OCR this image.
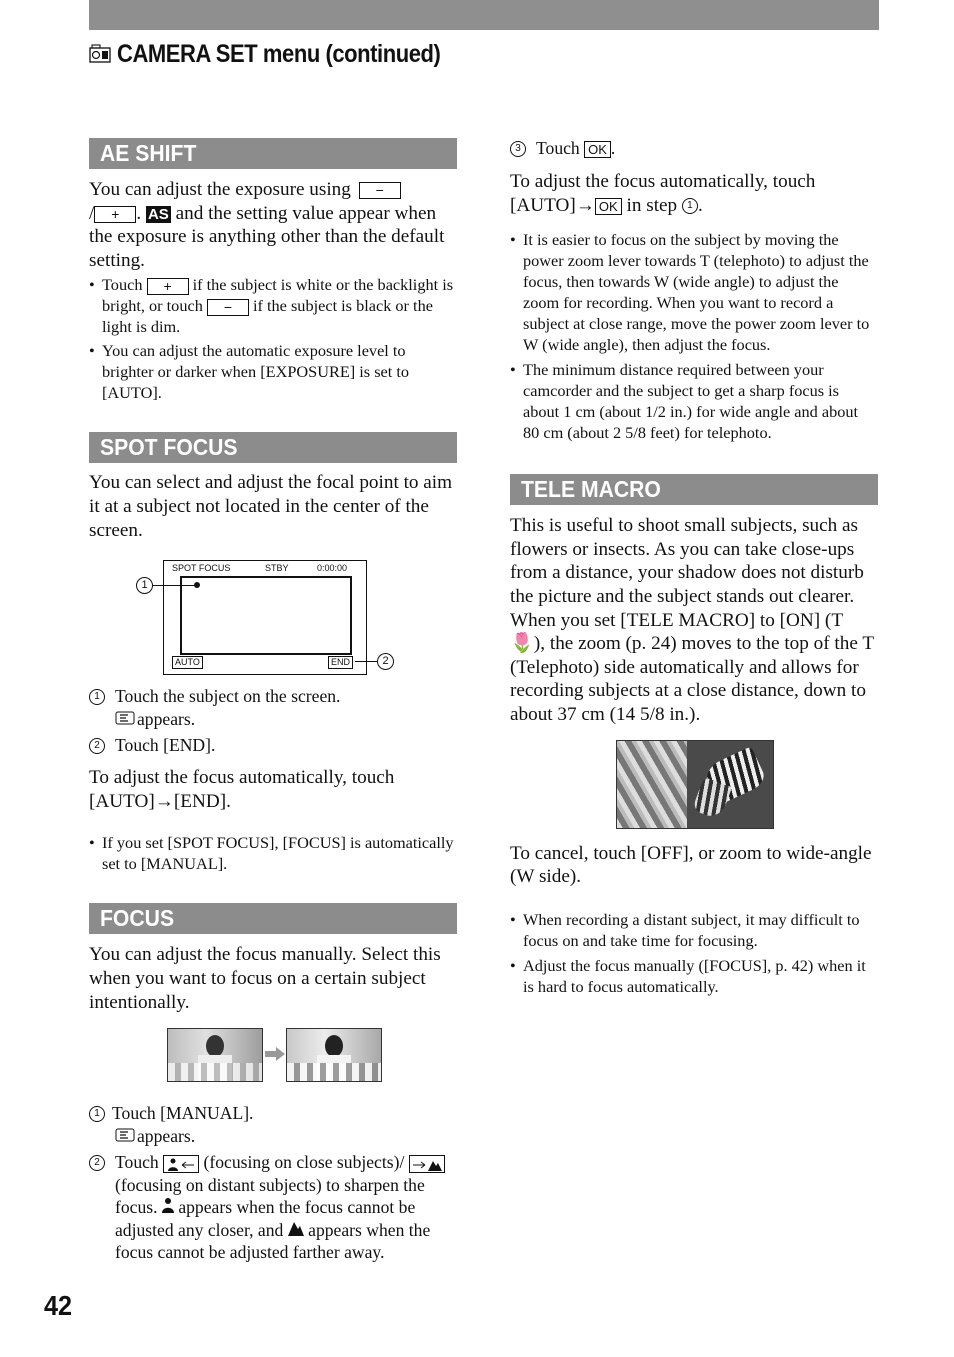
CAMERA SET menu (continued)
AE SHIFT

You can adjust the exposure using −
/ + . AS and the setting value appear when the exposure is anything other than the default setting.

• Touch + if the subject is white or the backlight is bright, or touch − if the subject is black or the light is dim.

• You can adjust the automatic exposure level to brighter or darker when [EXPOSURE] is set to [AUTO].

SPOT FOCUS

You can select and adjust the focal point to aim it at a subject not located in the center of the screen.

SPOT FOCUS	STBY	0:00:00
AUTO	END
1
2

1 Touch the subject on the screen.
appears.

2 Touch [END].

To adjust the focus automatically, touch [AUTO]→[END].

• If you set [SPOT FOCUS], [FOCUS] is automatically set to [MANUAL].

FOCUS

You can adjust the focus manually. Select this when you want to focus on a certain subject intentionally.

1 Touch [MANUAL].
appears.

2 Touch	(focusing on close subjects)/  (focusing on distant subjects) to sharpen the focus. appears when the focus cannot be adjusted any closer, and appears when the focus cannot be adjusted farther away.

3 Touch OK .

To adjust the focus automatically, touch [AUTO]→ OK in step 1 .

• It is easier to focus on the subject by moving the power zoom lever towards T (telephoto) to adjust the focus, then towards W (wide angle) to adjust the zoom for recording. When you want to record a subject at close range, move the power zoom lever to W (wide angle), then adjust the focus.

• The minimum distance required between your camcorder and the subject to get a sharp focus is about 1 cm (about 1/2 in.) for wide angle and about 80 cm (about 2 5/8 feet) for telephoto.

TELE MACRO

This is useful to shoot small subjects, such as flowers or insects. As you can take close-ups from a distance, your shadow does not disturb the picture and the subject stands out clearer.

When you set [TELE MACRO] to [ON] (T🌷), the zoom (p. 24) moves to the top of the T (Telephoto) side automatically and allows for recording subjects at a close distance, down to about 37 cm (14 5/8 in.).

To cancel, touch [OFF], or zoom to wide-angle (W side).

• When recording a distant subject, it may difficult to focus on and take time for focusing.

• Adjust the focus manually ([FOCUS], p. 42) when it is hard to focus automatically.

42
